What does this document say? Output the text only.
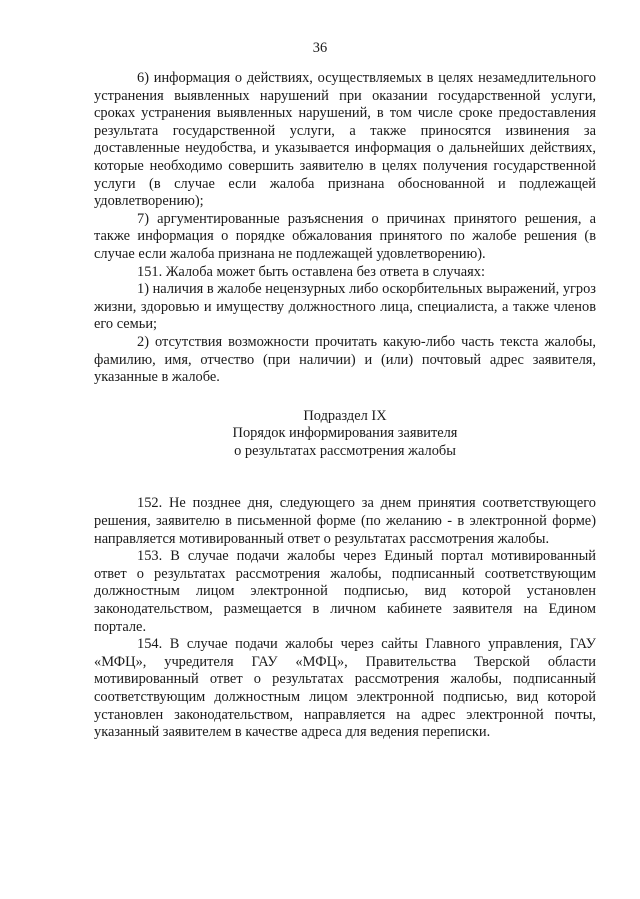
36

6) информация о действиях, осуществляемых в целях незамедлительного устранения выявленных нарушений при оказании государственной услуги, сроках устранения выявленных нарушений, в том числе сроке предоставления результата государственной услуги, а также приносятся извинения за доставленные неудобства, и указывается информация о дальнейших действиях, которые необходимо совершить заявителю в целях получения государственной услуги (в случае если жалоба признана обоснованной и подлежащей удовлетворению);

7) аргументированные разъяснения о причинах принятого решения, а также информация о порядке обжалования принятого по жалобе решения (в случае если жалоба признана не подлежащей удовлетворению).

151. Жалоба может быть оставлена без ответа в случаях:

1) наличия в жалобе нецензурных либо оскорбительных выражений, угроз жизни, здоровью и имуществу должностного лица, специалиста, а также членов его семьи;

2) отсутствия возможности прочитать какую-либо часть текста жалобы, фамилию, имя, отчество (при наличии) и (или) почтовый адрес заявителя, указанные в жалобе.

Подраздел IX
Порядок информирования заявителя
о результатах рассмотрения жалобы

152. Не позднее дня, следующего за днем принятия соответствующего решения, заявителю в письменной форме (по желанию - в электронной форме) направляется мотивированный ответ о результатах рассмотрения жалобы.

153. В случае подачи жалобы через Единый портал мотивированный ответ о результатах рассмотрения жалобы, подписанный соответствующим должностным лицом электронной подписью, вид которой установлен законодательством, размещается в личном кабинете заявителя на Едином портале.

154. В случае подачи жалобы через сайты Главного управления, ГАУ «МФЦ», учредителя ГАУ «МФЦ», Правительства Тверской области мотивированный ответ о результатах рассмотрения жалобы, подписанный соответствующим должностным лицом электронной подписью, вид которой установлен законодательством, направляется на адрес электронной почты, указанный заявителем в качестве адреса для ведения переписки.
